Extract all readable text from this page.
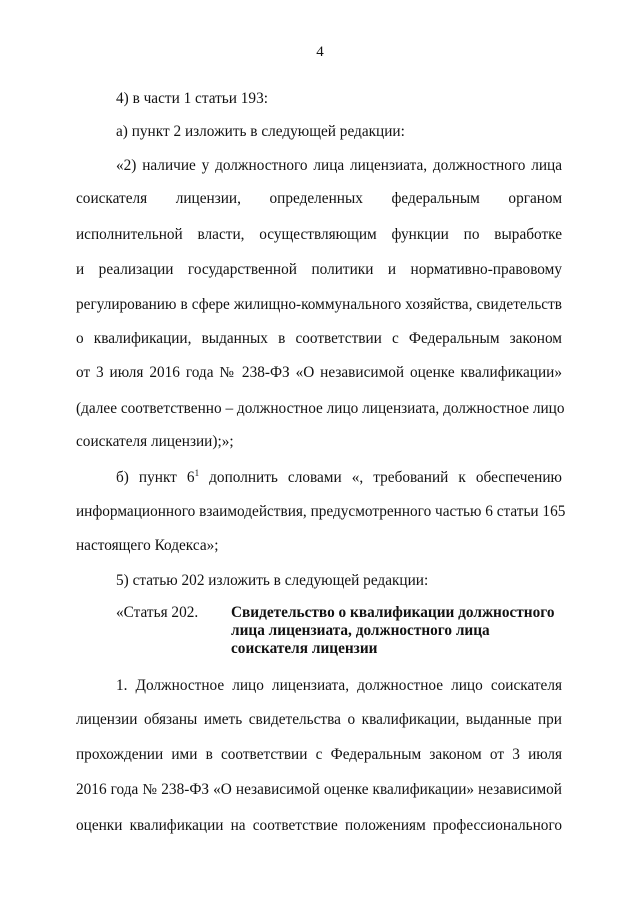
4
4) в части 1 статьи 193:
а) пункт 2 изложить в следующей редакции:
«2) наличие у должностного лица лицензиата, должностного лица
соискателя лицензии, определенных федеральным органом
исполнительной власти, осуществляющим функции по выработке
и реализации государственной политики и нормативно-правовому
регулированию в сфере жилищно-коммунального хозяйства, свидетельств
о квалификации, выданных в соответствии с Федеральным законом
от 3 июля 2016 года № 238-ФЗ «О независимой оценке квалификации»
(далее соответственно – должностное лицо лицензиата, должностное лицо
соискателя лицензии);»;
б) пункт $6^1$ дополнить словами «, требований к обеспечению
информационного взаимодействия, предусмотренного частью 6 статьи 165
настоящего Кодекса»;
5) статью 202 изложить в следующей редакции:
«Статья 202. Свидетельство о квалификации должностного
лица лицензиата, должностного лица
соискателя лицензии
1. Должностное лицо лицензиата, должностное лицо соискателя
лицензии обязаны иметь свидетельства о квалификации, выданные при
прохождении ими в соответствии с Федеральным законом от 3 июля
2016 года № 238-ФЗ «О независимой оценке квалификации» независимой
оценки квалификации на соответствие положениям профессионального
